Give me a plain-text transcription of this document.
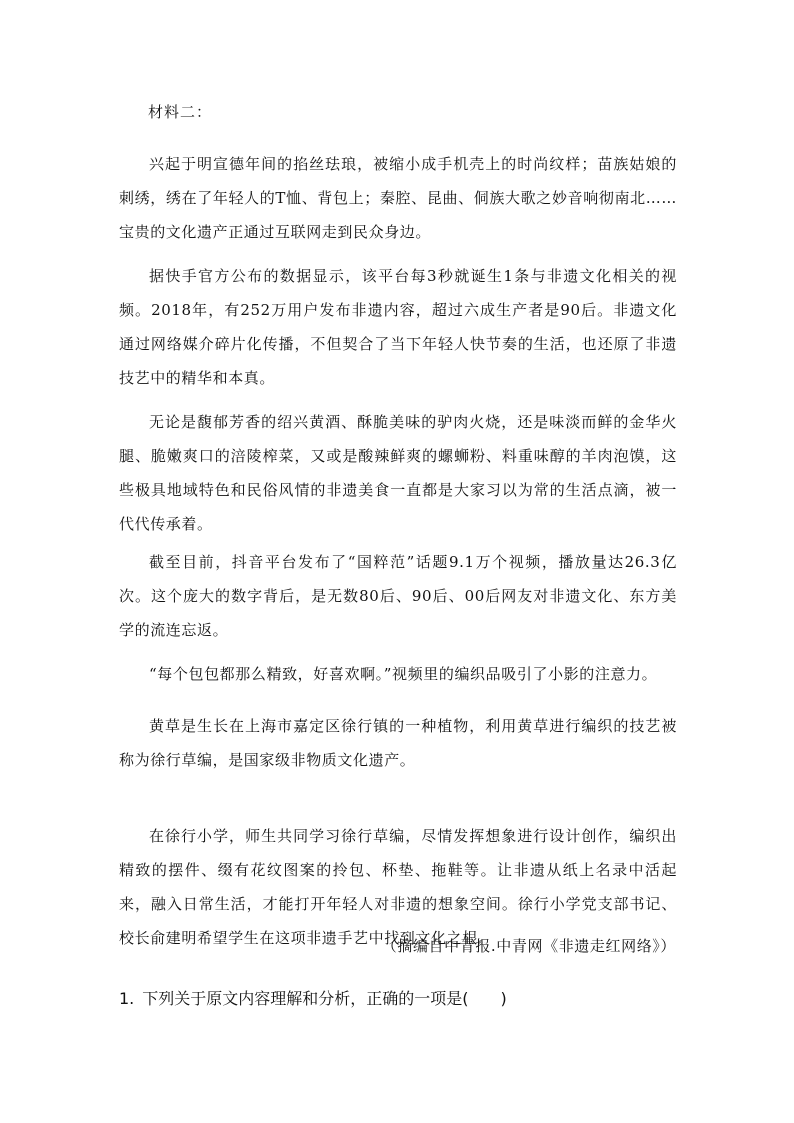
材料二：

兴起于明宣德年间的掐丝珐琅，被缩小成手机壳上的时尚纹样；苗族姑娘的刺绣，绣在了年轻人的T恤、背包上；秦腔、昆曲、侗族大歌之妙音响彻南北……宝贵的文化遗产正通过互联网走到民众身边。

据快手官方公布的数据显示，该平台每3秒就诞生1条与非遗文化相关的视频。2018年，有252万用户发布非遗内容，超过六成生产者是90后。非遗文化通过网络媒介碎片化传播，不但契合了当下年轻人快节奏的生活，也还原了非遗技艺中的精华和本真。

无论是馥郁芳香的绍兴黄酒、酥脆美味的驴肉火烧，还是味淡而鲜的金华火腿、脆嫩爽口的涪陵榨菜，又或是酸辣鲜爽的螺蛳粉、料重味醇的羊肉泡馍，这些极具地域特色和民俗风情的非遗美食一直都是大家习以为常的生活点滴，被一代代传承着。

截至目前，抖音平台发布了“国粹范”话题9.1万个视频，播放量达26.3亿次。这个庞大的数字背后，是无数80后、90后、00后网友对非遗文化、东方美学的流连忘返。

“每个包包都那么精致，好喜欢啊。”视频里的编织品吸引了小影的注意力。

黄草是生长在上海市嘉定区徐行镇的一种植物，利用黄草进行编织的技艺被称为徐行草编，是国家级非物质文化遗产。

在徐行小学，师生共同学习徐行草编，尽情发挥想象进行设计创作，编织出精致的摆件、缀有花纹图案的拎包、杯垫、拖鞋等。让非遗从纸上名录中活起来，融入日常生活，才能打开年轻人对非遗的想象空间。徐行小学党支部书记、校长俞建明希望学生在这项非遗手艺中找到文化之根。

（摘编自中青报.中青网《非遗走红网络》）

1. 下列关于原文内容理解和分析，正确的一项是(　　)
